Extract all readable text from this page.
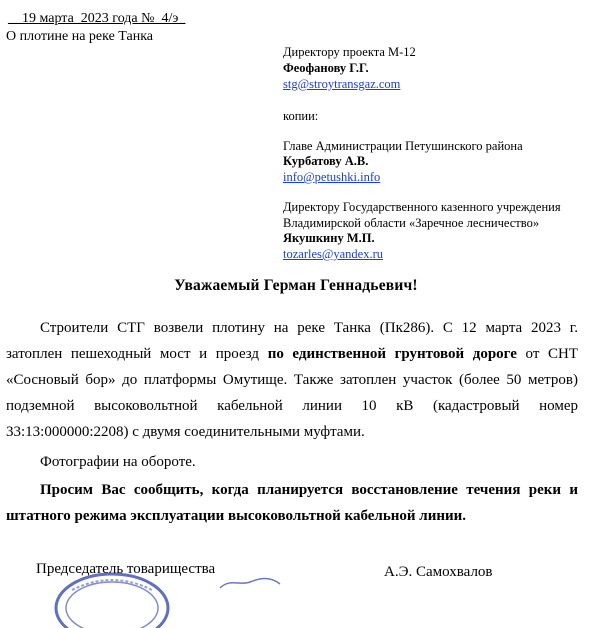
__19 марта_2023 года №_4/э_
О плотине на реке Танка
Директору проекта М-12
Феофанову Г.Г.
stg@stroytransgaz.com
копии:
Главе Администрации Петушинского района
Курбатову А.В.
info@petushki.info
Директору Государственного казенного учреждения
Владимирской области «Заречное лесничество»
Якушкину М.П.
tozarles@yandex.ru
Уважаемый Герман Геннадьевич!
Строители СТГ возвели плотину на реке Танка (Пк286). С 12 марта 2023 г.
затоплен пешеходный мост и проезд по единственной грунтовой дороге от СНТ
«Сосновый бор» до платформы Омутище. Также затоплен участок (более 50 метров)
подземной высоковольтной кабельной линии 10 кВ (кадастровый номер
33:13:000000:2208) с двумя соединительными муфтами.
Фотографии на обороте.
Просим Вас сообщить, когда планируется восстановление течения реки и
штатного режима эксплуатации высоковольтной кабельной линии.
Председатель товарищества	А.Э. Самохвалов
